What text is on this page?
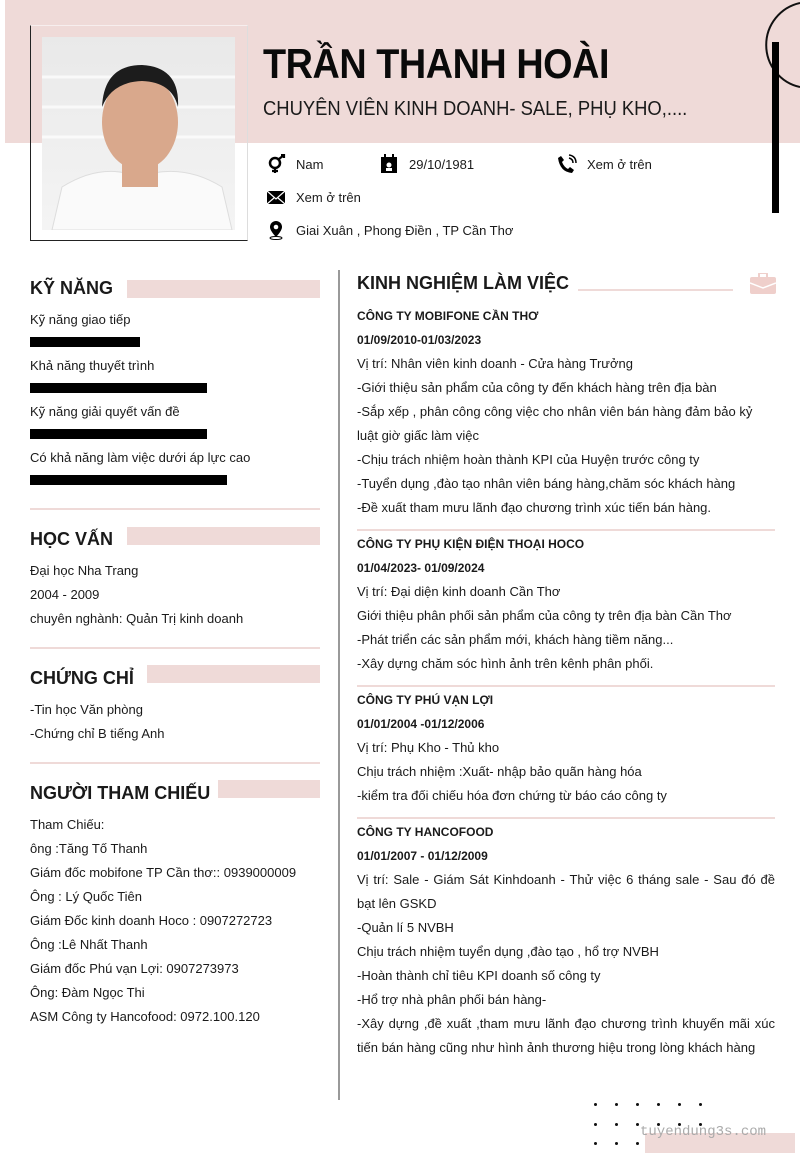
TRẦN THANH HOÀI
CHUYÊN VIÊN KINH DOANH- SALE, PHỤ KHO,....
Nam	29/10/1981	Xem ở trên
Xem ở trên
Giai Xuân , Phong Điền , TP Cần Thơ
KỸ NĂNG
Kỹ năng giao tiếp
Khả năng thuyết trình
Kỹ năng giải quyết vấn đề
Có khả năng làm việc dưới áp lực cao
HỌC VẤN
Đại học Nha Trang
2004 - 2009
chuyên nghành: Quản Trị kinh doanh
CHỨNG CHỈ
-Tin học Văn phòng
-Chứng chỉ B tiếng Anh
NGƯỜI THAM CHIẾU
Tham Chiếu:
ông :Tăng Tố Thanh
Giám đốc mobifone TP Cần thơ:: 0939000009
Ông : Lý Quốc Tiên
Giám Đốc kinh doanh Hoco : 0907272723
Ông :Lê Nhất Thanh
Giám đốc Phú vạn Lợi: 0907273973
Ông: Đàm Ngọc Thi
ASM Công ty Hancofood: 0972.100.120
KINH NGHIỆM LÀM VIỆC
CÔNG TY MOBIFONE CẦN THƠ
01/09/2010-01/03/2023
Vị trí: Nhân viên kinh doanh - Cửa hàng Trưởng
-Giới thiệu sản phẩm của công ty đến khách hàng trên địa bàn
-Sắp xếp , phân công công việc cho nhân viên bán hàng đảm bảo kỷ luật giờ giấc làm việc
-Chịu trách nhiệm hoàn thành KPI của Huyện trước công ty
-Tuyển dụng ,đào tạo nhân viên báng hàng,chăm sóc khách hàng
-Đề xuất tham mưu lãnh đạo chương trình xúc tiến bán hàng.
CÔNG TY PHỤ KIỆN ĐIỆN THOẠI HOCO
01/04/2023- 01/09/2024
Vị trí: Đại diện kinh doanh Cần Thơ
Giới thiệu phân phối sản phẩm của công ty trên địa bàn Cần Thơ
-Phát triển các sản phẩm mới, khách hàng tiềm năng...
-Xây dựng chăm sóc hình ảnh trên kênh phân phối.
CÔNG TY PHÚ VẠN LỢI
01/01/2004 -01/12/2006
Vị trí: Phụ Kho - Thủ kho
Chịu trách nhiệm :Xuất- nhập bảo quãn hàng hóa
-kiểm tra đối chiếu hóa đơn chứng từ báo cáo công ty
CÔNG TY HANCOFOOD
01/01/2007 - 01/12/2009
Vị trí: Sale - Giám Sát Kinhdoanh - Thử việc 6 tháng sale - Sau đó đề bạt lên GSKD
-Quản lí 5 NVBH
Chịu trách nhiệm tuyển dụng ,đào tạo , hổ trợ NVBH
-Hoàn thành chỉ tiêu KPI doanh số công ty
-Hổ trợ nhà phân phối bán hàng-
-Xây dựng ,đề xuất ,tham mưu lãnh đạo chương trình khuyến mãi xúc tiến bán hàng cũng như hình ảnh thương hiệu trong lòng khách hàng
tuyendung3s.com
